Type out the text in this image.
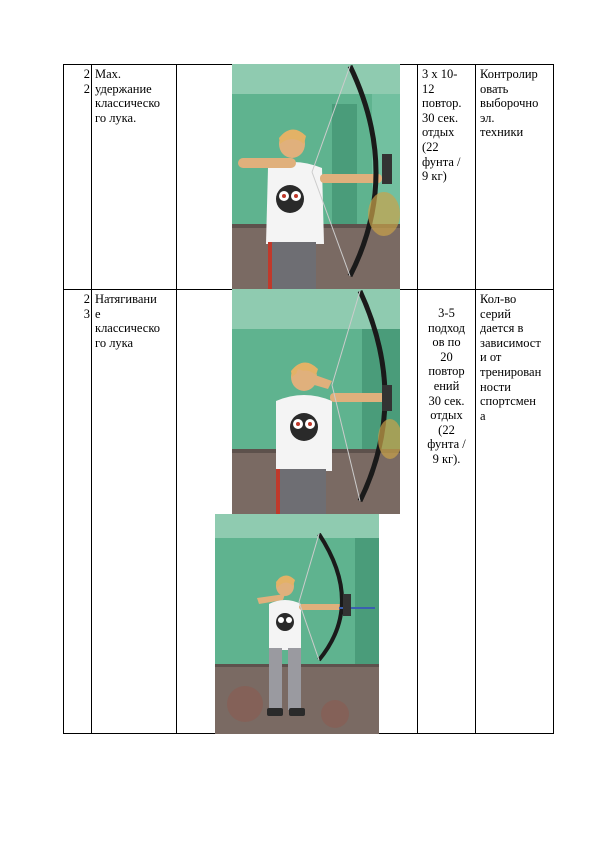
2
2
Max.
удержание
классическо
го лука.
3 х 10-
12
повтор.
30 сек.
отдых
(22
фунта /
9 кг)
Контролир
овать
выборочно
эл.
техники
2
3
Натягивани
е
классическо
го лука
3-5
подход
ов по
20
повтор
ений
30 сек.
отдых
(22
фунта /
9 кг).
Кол-во
серий
дается в
зависимост
и от
тренирован
ности
спортсмен
а
